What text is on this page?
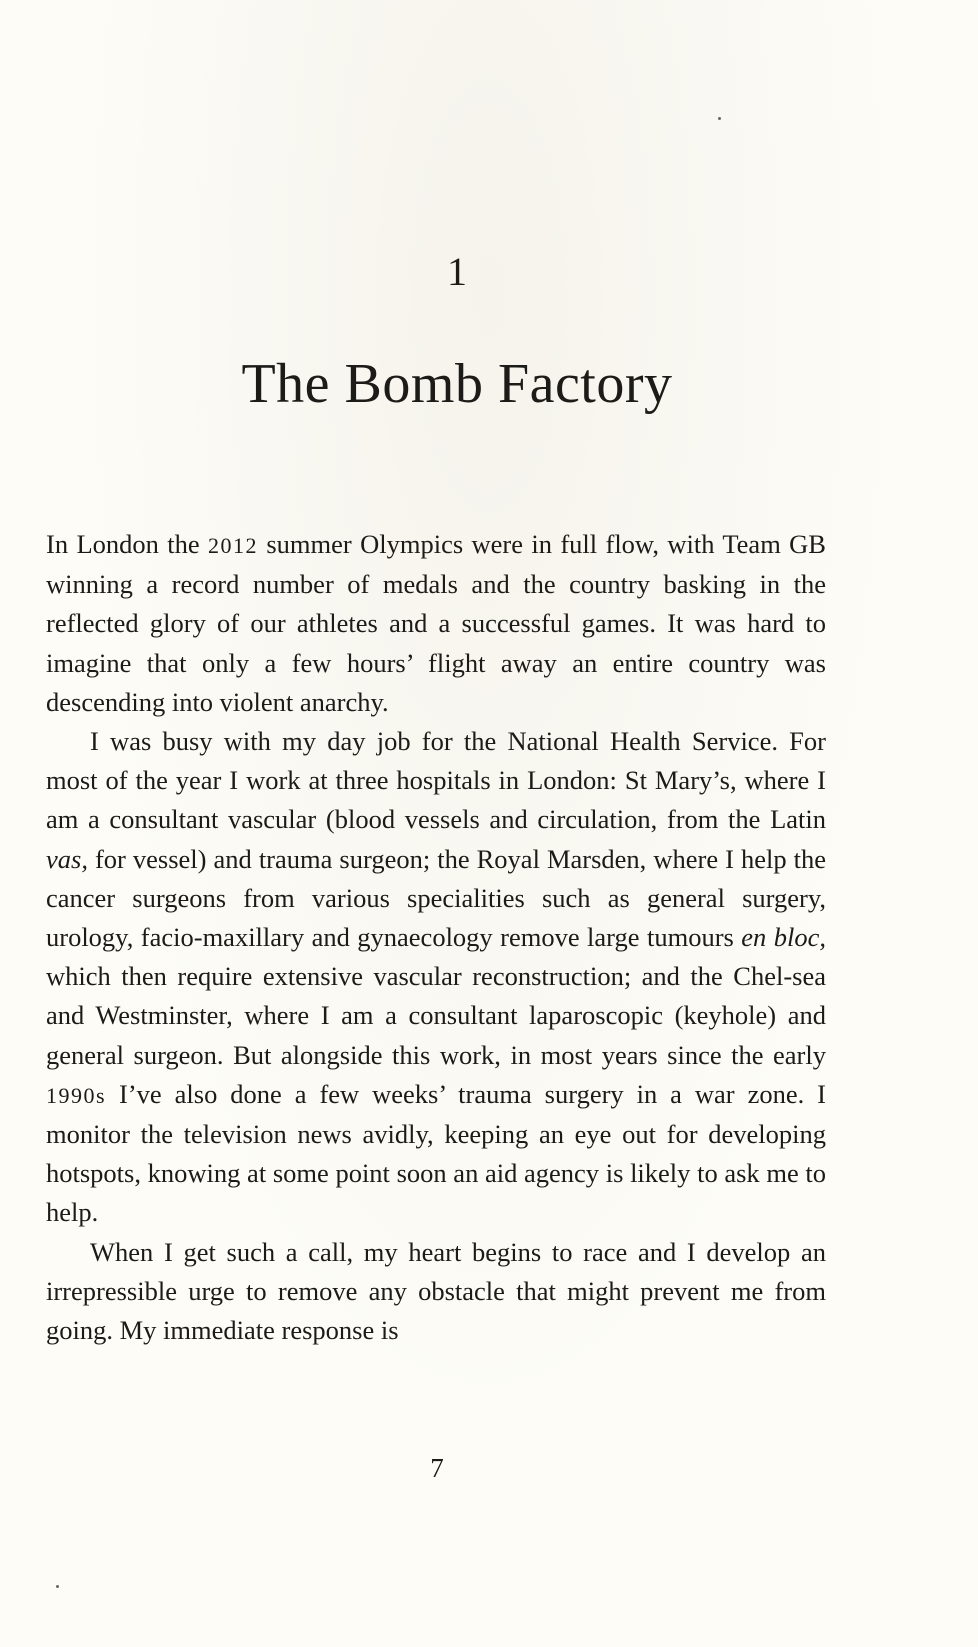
1
The Bomb Factory

In London the 2012 summer Olympics were in full flow, with Team GB winning a record number of medals and the country basking in the reflected glory of our athletes and a successful games. It was hard to imagine that only a few hours’ flight away an entire country was descending into violent anarchy.

I was busy with my day job for the National Health Service. For most of the year I work at three hospitals in London: St Mary’s, where I am a consultant vascular (blood vessels and circulation, from the Latin vas, for vessel) and trauma surgeon; the Royal Marsden, where I help the cancer surgeons from various specialities such as general surgery, urology, facio-maxillary and gynaecology remove large tumours en bloc, which then require extensive vascular reconstruction; and the Chel-sea and Westminster, where I am a consultant laparoscopic (keyhole) and general surgeon. But alongside this work, in most years since the early 1990s I’ve also done a few weeks’ trauma surgery in a war zone. I monitor the television news avidly, keeping an eye out for developing hotspots, knowing at some point soon an aid agency is likely to ask me to help.

When I get such a call, my heart begins to race and I develop an irrepressible urge to remove any obstacle that might prevent me from going. My immediate response is

7
